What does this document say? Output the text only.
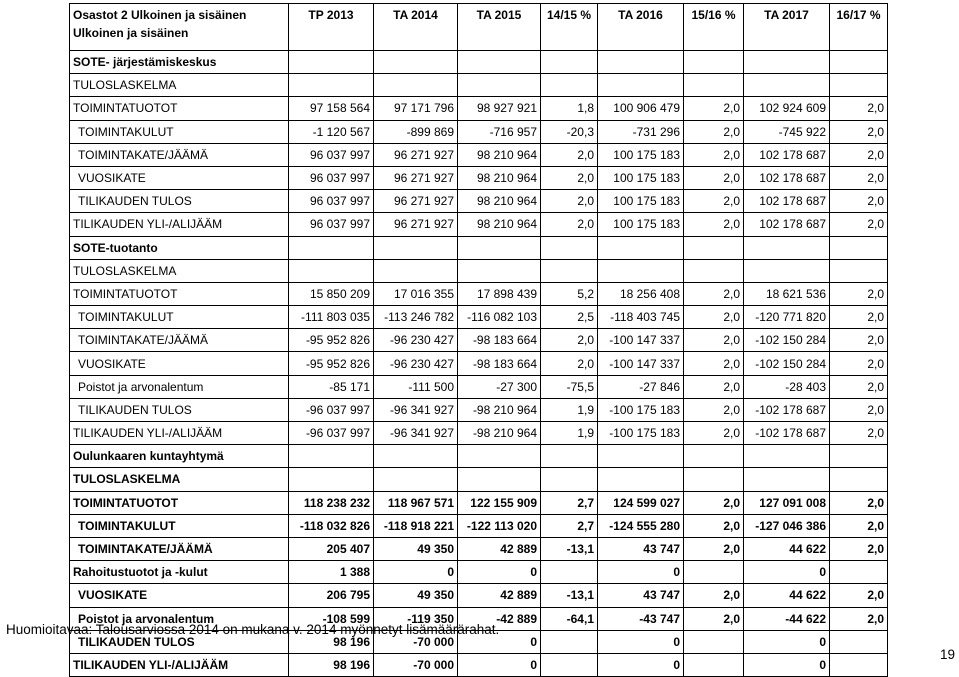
Osastot 2 Ulkoinen ja sisäinen
Ulkoinen ja sisäinen	TP 2013	TA 2014	TA 2015	14/15 %	TA 2016	15/16 %	TA 2017	16/17 %
SOTE- järjestämiskeskus								
TULOSLASKELMA								
TOIMINTATUOTOT	97 158 564	97 171 796	98 927 921	1,8	100 906 479	2,0	102 924 609	2,0
TOIMINTAKULUT	-1 120 567	-899 869	-716 957	-20,3	-731 296	2,0	-745 922	2,0
TOIMINTAKATE/JÄÄMÄ	96 037 997	96 271 927	98 210 964	2,0	100 175 183	2,0	102 178 687	2,0
VUOSIKATE	96 037 997	96 271 927	98 210 964	2,0	100 175 183	2,0	102 178 687	2,0
TILIKAUDEN TULOS	96 037 997	96 271 927	98 210 964	2,0	100 175 183	2,0	102 178 687	2,0
TILIKAUDEN YLI-/ALIJÄÄM	96 037 997	96 271 927	98 210 964	2,0	100 175 183	2,0	102 178 687	2,0
SOTE-tuotanto								
TULOSLASKELMA								
TOIMINTATUOTOT	15 850 209	17 016 355	17 898 439	5,2	18 256 408	2,0	18 621 536	2,0
TOIMINTAKULUT	-111 803 035	-113 246 782	-116 082 103	2,5	-118 403 745	2,0	-120 771 820	2,0
TOIMINTAKATE/JÄÄMÄ	-95 952 826	-96 230 427	-98 183 664	2,0	-100 147 337	2,0	-102 150 284	2,0
VUOSIKATE	-95 952 826	-96 230 427	-98 183 664	2,0	-100 147 337	2,0	-102 150 284	2,0
Poistot ja arvonalentum	-85 171	-111 500	-27 300	-75,5	-27 846	2,0	-28 403	2,0
TILIKAUDEN TULOS	-96 037 997	-96 341 927	-98 210 964	1,9	-100 175 183	2,0	-102 178 687	2,0
TILIKAUDEN YLI-/ALIJÄÄM	-96 037 997	-96 341 927	-98 210 964	1,9	-100 175 183	2,0	-102 178 687	2,0
Oulunkaaren kuntayhtymä								
TULOSLASKELMA								
TOIMINTATUOTOT	118 238 232	118 967 571	122 155 909	2,7	124 599 027	2,0	127 091 008	2,0
TOIMINTAKULUT	-118 032 826	-118 918 221	-122 113 020	2,7	-124 555 280	2,0	-127 046 386	2,0
TOIMINTAKATE/JÄÄMÄ	205 407	49 350	42 889	-13,1	43 747	2,0	44 622	2,0
Rahoitustuotot ja -kulut	1 388	0	0		0		0	
VUOSIKATE	206 795	49 350	42 889	-13,1	43 747	2,0	44 622	2,0
Poistot ja arvonalentum	-108 599	-119 350	-42 889	-64,1	-43 747	2,0	-44 622	2,0
TILIKAUDEN TULOS	98 196	-70 000	0		0		0	
TILIKAUDEN YLI-/ALIJÄÄM	98 196	-70 000	0		0		0	
Huomioitavaa: Talousarviossa 2014 on mukana v. 2014 myönnetyt lisämäärärahat.
19
